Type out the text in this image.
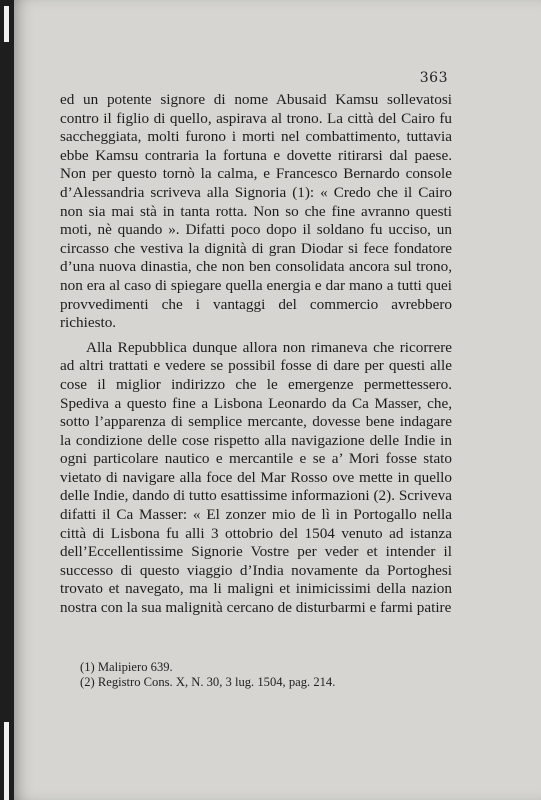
363

ed un potente signore di nome Abusaid Kamsu sollevatosi contro il figlio di quello, aspirava al trono. La città del Cairo fu saccheggiata, molti furono i morti nel combattimento, tuttavia ebbe Kamsu contraria la fortuna e dovette ritirarsi dal paese. Non per questo tornò la calma, e Francesco Bernardo console d’Alessandria scriveva alla Signoria (1): « Credo che il Cairo non sia mai stà in tanta rotta. Non so che fine avranno questi moti, nè quando ». Difatti poco dopo il soldano fu ucciso, un circasso che vestiva la dignità di gran Diodar si fece fondatore d’una nuova dinastia, che non ben consolidata ancora sul trono, non era al caso di spiegare quella energia e dar mano a tutti quei provvedimenti che i vantaggi del commercio avrebbero richiesto.

Alla Repubblica dunque allora non rimaneva che ricorrere ad altri trattati e vedere se possibil fosse di dare per questi alle cose il miglior indirizzo che le emergenze permettessero. Spediva a questo fine a Lisbona Leonardo da Ca Masser, che, sotto l’apparenza di semplice mercante, dovesse bene indagare la condizione delle cose rispetto alla navigazione delle Indie in ogni particolare nautico e mercantile e se a’ Mori fosse stato vietato di navigare alla foce del Mar Rosso ove mette in quello delle Indie, dando di tutto esattissime informazioni (2). Scriveva difatti il Ca Masser: « El zonzer mio de lì in Portogallo nella città di Lisbona fu alli 3 ottobrio del 1504 venuto ad istanza dell’Eccellentissime Signorie Vostre per veder et intender il successo di questo viaggio d’India novamente da Portoghesi trovato et navegato, ma li maligni et inimicissimi della nazion nostra con la sua malignità cercano de disturbarmi e farmi patire

(1) Malipiero 639.
(2) Registro Cons. X, N. 30, 3 lug. 1504, pag. 214.
